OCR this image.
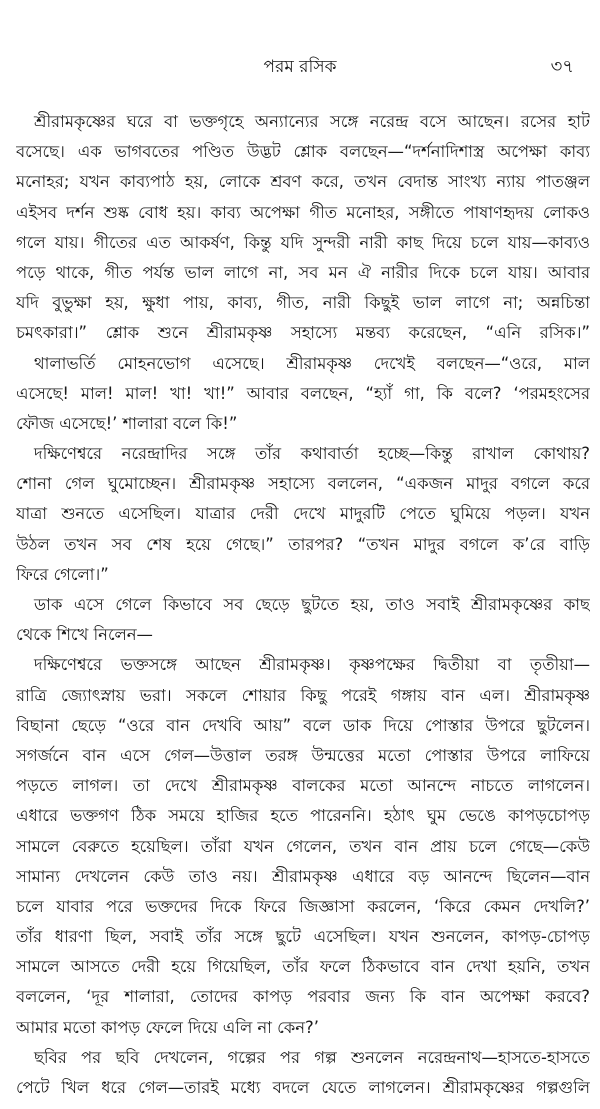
পরম রসিক	৩৭
শ্রীরামকৃষ্ণের ঘরে বা ভক্তগৃহে অন্যান্যের সঙ্গে নরেন্দ্র বসে আছেন। রসের হাট
বসেছে। এক ভাগবতের পণ্ডিত উদ্ভট শ্লোক বলছেন—“দর্শনাদিশাস্ত্র অপেক্ষা কাব্য
মনোহর; যখন কাব্যপাঠ হয়, লোকে শ্রবণ করে, তখন বেদান্ত সাংখ্য ন্যায় পাতঞ্জল
এইসব দর্শন শুষ্ক বোধ হয়। কাব্য অপেক্ষা গীত মনোহর, সঙ্গীতে পাষাণহৃদয় লোকও
গলে যায়। গীতের এত আকর্ষণ, কিন্তু যদি সুন্দরী নারী কাছ দিয়ে চলে যায়—কাব্যও
পড়ে থাকে, গীত পর্যন্ত ভাল লাগে না, সব মন ঐ নারীর দিকে চলে যায়। আবার
যদি বুভুক্ষা হয়, ক্ষুধা পায়, কাব্য, গীত, নারী কিছুই ভাল লাগে না; অন্নচিন্তা
চমৎকারা।” শ্লোক শুনে শ্রীরামকৃষ্ণ সহাস্যে মন্তব্য করেছেন, “এনি রসিক।”
থালাভর্তি মোহনভোগ এসেছে। শ্রীরামকৃষ্ণ দেখেই বলছেন—“ওরে, মাল
এসেছে! মাল! মাল! খা! খা!” আবার বলছেন, “হ্যাঁ গা, কি বলে? ‘পরমহংসের
ফৌজ এসেছে!’ শালারা বলে কি!”
দক্ষিণেশ্বরে নরেন্দ্রাদির সঙ্গে তাঁর কথাবার্তা হচ্ছে—কিন্তু রাখাল কোথায়?
শোনা গেল ঘুমোচ্ছেন। শ্রীরামকৃষ্ণ সহাস্যে বললেন, “একজন মাদুর বগলে করে
যাত্রা শুনতে এসেছিল। যাত্রার দেরী দেখে মাদুরটি পেতে ঘুমিয়ে পড়ল। যখন
উঠল তখন সব শেষ হয়ে গেছে।” তারপর? “তখন মাদুর বগলে ক’রে বাড়ি
ফিরে গেলো।”
ডাক এসে গেলে কিভাবে সব ছেড়ে ছুটতে হয়, তাও সবাই শ্রীরামকৃষ্ণের কাছ
থেকে শিখে নিলেন—
দক্ষিণেশ্বরে ভক্তসঙ্গে আছেন শ্রীরামকৃষ্ণ। কৃষ্ণপক্ষের দ্বিতীয়া বা তৃতীয়া—
রাত্রি জ্যোৎস্নায় ভরা। সকলে শোয়ার কিছু পরেই গঙ্গায় বান এল। শ্রীরামকৃষ্ণ
বিছানা ছেড়ে “ওরে বান দেখবি আয়” বলে ডাক দিয়ে পোস্তার উপরে ছুটলেন।
সগর্জনে বান এসে গেল—উত্তাল তরঙ্গ উন্মত্তের মতো পোস্তার উপরে লাফিয়ে
পড়তে লাগল। তা দেখে শ্রীরামকৃষ্ণ বালকের মতো আনন্দে নাচতে লাগলেন।
এধারে ভক্তগণ ঠিক সময়ে হাজির হতে পারেননি। হঠাৎ ঘুম ভেঙে কাপড়চোপড়
সামলে বেরুতে হয়েছিল। তাঁরা যখন গেলেন, তখন বান প্রায় চলে গেছে—কেউ
সামান্য দেখলেন কেউ তাও নয়। শ্রীরামকৃষ্ণ এধারে বড় আনন্দে ছিলেন—বান
চলে যাবার পরে ভক্তদের দিকে ফিরে জিজ্ঞাসা করলেন, ‘কিরে কেমন দেখলি?’
তাঁর ধারণা ছিল, সবাই তাঁর সঙ্গে ছুটে এসেছিল। যখন শুনলেন, কাপড়-চোপড়
সামলে আসতে দেরী হয়ে গিয়েছিল, তাঁর ফলে ঠিকভাবে বান দেখা হয়নি, তখন
বললেন, ‘দূর শালারা, তোদের কাপড় পরবার জন্য কি বান অপেক্ষা করবে?
আমার মতো কাপড় ফেলে দিয়ে এলি না কেন?’
ছবির পর ছবি দেখলেন, গল্পের পর গল্প শুনলেন নরেন্দ্রনাথ—হাসতে-হাসতে
পেটে খিল ধরে গেল—তারই মধ্যে বদলে যেতে লাগলেন। শ্রীরামকৃষ্ণের গল্পগুলি
